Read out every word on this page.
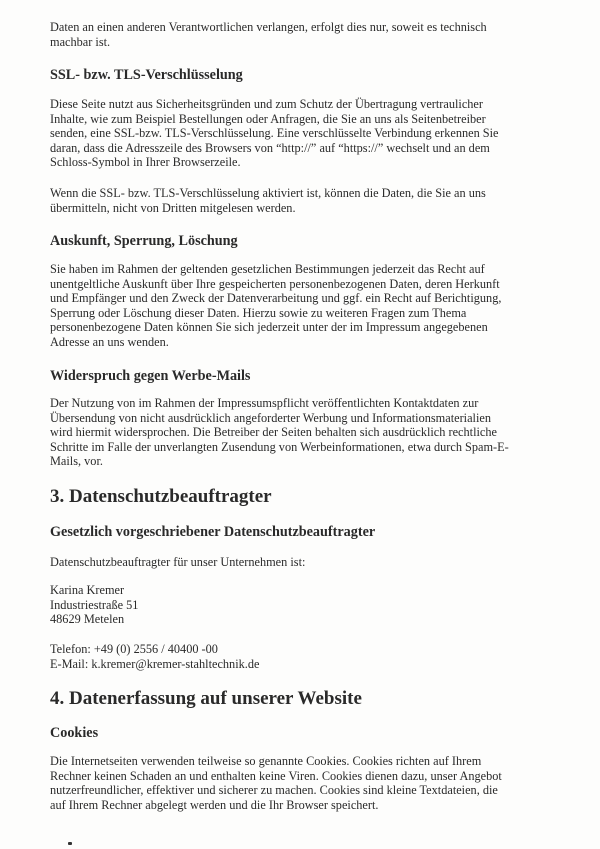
Daten an einen anderen Verantwortlichen verlangen, erfolgt dies nur, soweit es technisch
machbar ist.

SSL- bzw. TLS-Verschlüsselung

Diese Seite nutzt aus Sicherheitsgründen und zum Schutz der Übertragung vertraulicher
Inhalte, wie zum Beispiel Bestellungen oder Anfragen, die Sie an uns als Seitenbetreiber
senden, eine SSL-bzw. TLS-Verschlüsselung. Eine verschlüsselte Verbindung erkennen Sie
daran, dass die Adresszeile des Browsers von “http://” auf “https://” wechselt und an dem
Schloss-Symbol in Ihrer Browserzeile.

Wenn die SSL- bzw. TLS-Verschlüsselung aktiviert ist, können die Daten, die Sie an uns
übermitteln, nicht von Dritten mitgelesen werden.

Auskunft, Sperrung, Löschung

Sie haben im Rahmen der geltenden gesetzlichen Bestimmungen jederzeit das Recht auf
unentgeltliche Auskunft über Ihre gespeicherten personenbezogenen Daten, deren Herkunft
und Empfänger und den Zweck der Datenverarbeitung und ggf. ein Recht auf Berichtigung,
Sperrung oder Löschung dieser Daten. Hierzu sowie zu weiteren Fragen zum Thema
personenbezogene Daten können Sie sich jederzeit unter der im Impressum angegebenen
Adresse an uns wenden.

Widerspruch gegen Werbe-Mails

Der Nutzung von im Rahmen der Impressumspflicht veröffentlichten Kontaktdaten zur
Übersendung von nicht ausdrücklich angeforderter Werbung und Informationsmaterialien
wird hiermit widersprochen. Die Betreiber der Seiten behalten sich ausdrücklich rechtliche
Schritte im Falle der unverlangten Zusendung von Werbeinformationen, etwa durch Spam-E-
Mails, vor.

3. Datenschutzbeauftragter
Gesetzlich vorgeschriebener Datenschutzbeauftragter

Datenschutzbeauftragter für unser Unternehmen ist:

Karina Kremer

Industriestraße 51

48629 Metelen

Telefon: +49 (0) 2556 / 40400 -00

E-Mail: k.kremer@kremer-stahltechnik.de

4. Datenerfassung auf unserer Website
Cookies

Die Internetseiten verwenden teilweise so genannte Cookies. Cookies richten auf Ihrem
Rechner keinen Schaden an und enthalten keine Viren. Cookies dienen dazu, unser Angebot
nutzerfreundlicher, effektiver und sicherer zu machen. Cookies sind kleine Textdateien, die
auf Ihrem Rechner abgelegt werden und die Ihr Browser speichert.
